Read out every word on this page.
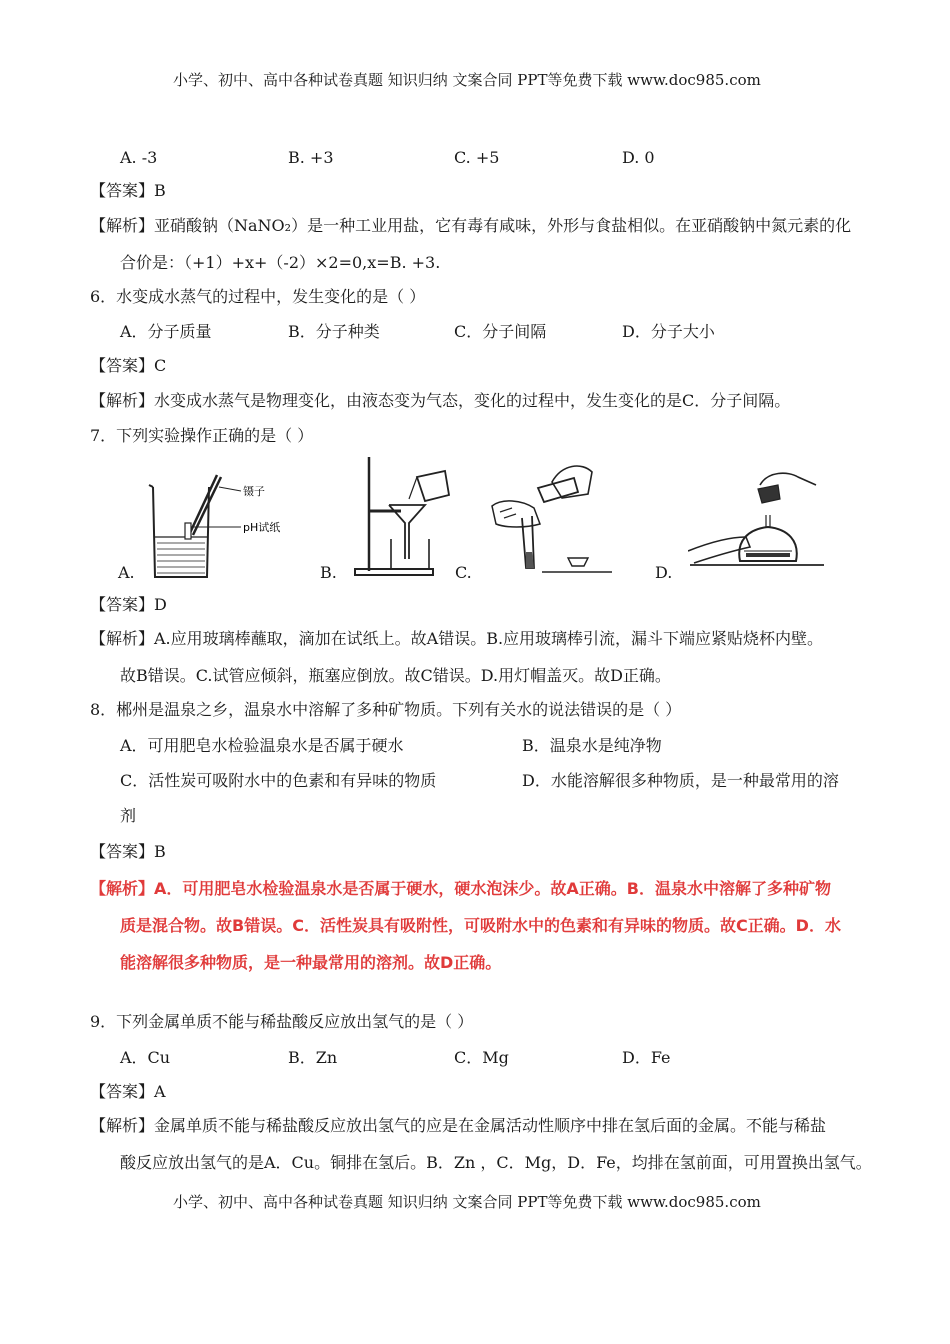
小学、初中、高中各种试卷真题 知识归纳 文案合同 PPT等免费下载 www.doc985.com
A. -3	B. +3	C. +5	D. 0
【答案】B
【解析】亚硝酸钠（NaNO₂）是一种工业用盐，它有毒有咸味，外形与食盐相似。在亚硝酸钠中氮元素的化
合价是：（+1）+x+（-2）×2=0,x=B. +3.
6．水变成水蒸气的过程中，发生变化的是（ ）
A．分子质量	B．分子种类	C．分子间隔	D．分子大小
【答案】C
【解析】水变成水蒸气是物理变化，由液态变为气态，变化的过程中，发生变化的是C．分子间隔。
7．下列实验操作正确的是（ ）
镊子
pH试纸
A.	B.	C.	D.
【答案】D
【解析】A.应用玻璃棒蘸取，滴加在试纸上。故A错误。B.应用玻璃棒引流，漏斗下端应紧贴烧杯内壁。
故B错误。C.试管应倾斜，瓶塞应倒放。故C错误。D.用灯帽盖灭。故D正确。
8．郴州是温泉之乡，温泉水中溶解了多种矿物质。下列有关水的说法错误的是（ ）
A．可用肥皂水检验温泉水是否属于硬水	B．温泉水是纯净物
C．活性炭可吸附水中的色素和有异味的物质	D．水能溶解很多种物质，是一种最常用的溶
剂
【答案】B
【解析】A．可用肥皂水检验温泉水是否属于硬水，硬水泡沫少。故A正确。B．温泉水中溶解了多种矿物
质是混合物。故B错误。C．活性炭具有吸附性，可吸附水中的色素和有异味的物质。故C正确。D．水
能溶解很多种物质，是一种最常用的溶剂。故D正确。
9．下列金属单质不能与稀盐酸反应放出氢气的是（ ）
A．Cu	B．Zn	C．Mg	D．Fe
【答案】A
【解析】金属单质不能与稀盐酸反应放出氢气的应是在金属活动性顺序中排在氢后面的金属。不能与稀盐
酸反应放出氢气的是A．Cu。铜排在氢后。B．Zn ，C．Mg，D．Fe，均排在氢前面，可用置换出氢气。
小学、初中、高中各种试卷真题 知识归纳 文案合同 PPT等免费下载 www.doc985.com
